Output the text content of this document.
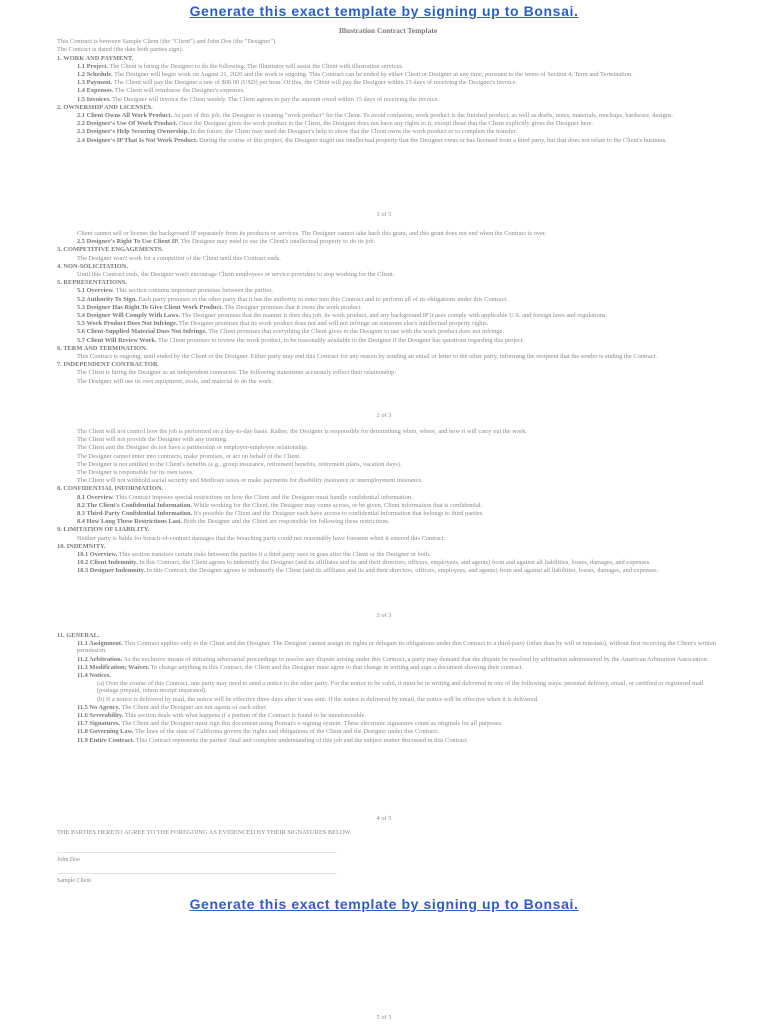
Generate this exact template by signing up to Bonsai.

Illustration Contract Template

This Contract is between Sample Client (the "Client") and John Doe (the "Designer").

The Contract is dated (the date both parties sign).

1. WORK AND PAYMENT.

1.1 Project. The Client is hiring the Designer to do the following: The Illustrator will assist the Client with illustration services.

1.2 Schedule. The Designer will begin work on August 21, 2020 and the work is ongoing. This Contract can be ended by either Client or Designer at any time, pursuant to the terms of Section 4, Term and Termination.

1.3 Payment. The Client will pay the Designer a rate of $00.00 (USD) per hour. Of this, the Client will pay the Designer within 15 days of receiving the Designer's invoice.

1.4 Expenses. The Client will reimburse the Designer's expenses.

1.5 Invoices. The Designer will invoice the Client weekly. The Client agrees to pay the amount owed within 15 days of receiving the invoice.

2. OWNERSHIP AND LICENSES.

2.1 Client Owns All Work Product. As part of this job, the Designer is creating "work product" for the Client. To avoid confusion, work product is the finished product, as well as drafts, notes, materials, mockups, hardware, designs.

2.2 Designer's Use Of Work Product. Once the Designer gives the work product to the Client, the Designer does not have any rights to it, except those that the Client explicitly gives the Designer here.

2.3 Designer's Help Securing Ownership. In the future, the Client may need the Designer's help to show that the Client owns the work product or to complete the transfer.

2.4 Designer's IP That Is Not Work Product. During the course of this project, the Designer might use intellectual property that the Designer owns or has licensed from a third party, but that does not relate to the Client's business.

1 of 5

Client cannot sell or license the background IP separately from its products or services. The Designer cannot take back this grant, and this grant does not end when the Contract is over.

2.5 Designer's Right To Use Client IP. The Designer may need to use the Client's intellectual property to do its job.

3. COMPETITIVE ENGAGEMENTS.

The Designer won't work for a competitor of the Client until this Contract ends.

4. NON-SOLICITATION.

Until this Contract ends, the Designer won't encourage Client employees or service providers to stop working for the Client.

5. REPRESENTATIONS.

5.1 Overview. This section contains important promises between the parties.

5.2 Authority To Sign. Each party promises to the other party that it has the authority to enter into this Contract and to perform all of its obligations under this Contract.

5.3 Designer Has Right To Give Client Work Product. The Designer promises that it owns the work product.

5.4 Designer Will Comply With Laws. The Designer promises that the manner it does this job, its work product, and any background IP it uses comply with applicable U.S. and foreign laws and regulations.

5.5 Work Product Does Not Infringe. The Designer promises that its work product does not and will not infringe on someone else's intellectual property rights.

5.6 Client-Supplied Material Does Not Infringe. The Client promises that everything the Client gives to the Designer to use with the work product does not infringe.

5.7 Client Will Review Work. The Client promises to review the work product, to be reasonably available to the Designer if the Designer has questions regarding this project.

6. TERM AND TERMINATION.

This Contract is ongoing, until ended by the Client or the Designer. Either party may end this Contract for any reason by sending an email or letter to the other party, informing the recipient that the sender is ending the Contract.

7. INDEPENDENT CONTRACTOR.

The Client is hiring the Designer as an independent contractor. The following statements accurately reflect their relationship:

The Designer will use its own equipment, tools, and material to do the work.

2 of 5

The Client will not control how the job is performed on a day-to-day basis. Rather, the Designer is responsible for determining when, where, and how it will carry out the work.

The Client will not provide the Designer with any training.

The Client and the Designer do not have a partnership or employer-employee relationship.

The Designer cannot enter into contracts, make promises, or act on behalf of the Client.

The Designer is not entitled to the Client's benefits (e.g., group insurance, retirement benefits, retirement plans, vacation days).

The Designer is responsible for its own taxes.

The Client will not withhold social security and Medicare taxes or make payments for disability insurance or unemployment insurance.

8. CONFIDENTIAL INFORMATION.

8.1 Overview. This Contract imposes special restrictions on how the Client and the Designer must handle confidential information.

8.2 The Client's Confidential Information. While working for the Client, the Designer may come across, or be given, Client information that is confidential.

8.3 Third-Party Confidential Information. It's possible the Client and the Designer each have access to confidential information that belongs to third parties.

8.4 How Long These Restrictions Last. Both the Designer and the Client are responsible for following these restrictions.

9. LIMITATION OF LIABILITY.

Neither party is liable for breach-of-contract damages that the breaching party could not reasonably have foreseen when it entered this Contract.

10. INDEMNITY.

10.1 Overview. This section transfers certain risks between the parties if a third party sues or goes after the Client or the Designer or both.

10.2 Client Indemnity. In this Contract, the Client agrees to indemnify the Designer (and its affiliates and its and their directors, officers, employees, and agents) from and against all liabilities, losses, damages, and expenses.

10.3 Designer Indemnity. In this Contract, the Designer agrees to indemnify the Client (and its affiliates and its and their directors, officers, employees, and agents) from and against all liabilities, losses, damages, and expenses.

3 of 5

11. GENERAL.

11.1 Assignment. This Contract applies only to the Client and the Designer. The Designer cannot assign its rights or delegate its obligations under this Contract to a third-party (other than by will or intestate), without first receiving the Client's written permission.

11.2 Arbitration. As the exclusive means of initiating adversarial proceedings to resolve any dispute arising under this Contract, a party may demand that the dispute be resolved by arbitration administered by the American Arbitration Association.

11.3 Modification; Waiver. To change anything in this Contract, the Client and the Designer must agree to that change in writing and sign a document showing their contract.

11.4 Notices.

(a) Over the course of this Contract, one party may need to send a notice to the other party. For the notice to be valid, it must be in writing and delivered in one of the following ways: personal delivery, email, or certified or registered mail (postage prepaid, return receipt requested).

(b) If a notice is delivered by mail, the notice will be effective three days after it was sent. If the notice is delivered by email, the notice will be effective when it is delivered.

11.5 No Agency. The Client and the Designer are not agents of each other.

11.6 Severability. This section deals with what happens if a portion of the Contract is found to be unenforceable.

11.7 Signatures. The Client and the Designer must sign this document using Bonsai's e-signing system. These electronic signatures count as originals for all purposes.

11.8 Governing Law. The laws of the state of California govern the rights and obligations of the Client and the Designer under this Contract.

11.9 Entire Contract. This Contract represents the parties' final and complete understanding of this job and the subject matter discussed in this Contract.

4 of 5

THE PARTIES HERETO AGREE TO THE FOREGOING AS EVIDENCED BY THEIR SIGNATURES BELOW.

John Doe
Sample Client
Generate this exact template by signing up to Bonsai.
5 of 5
